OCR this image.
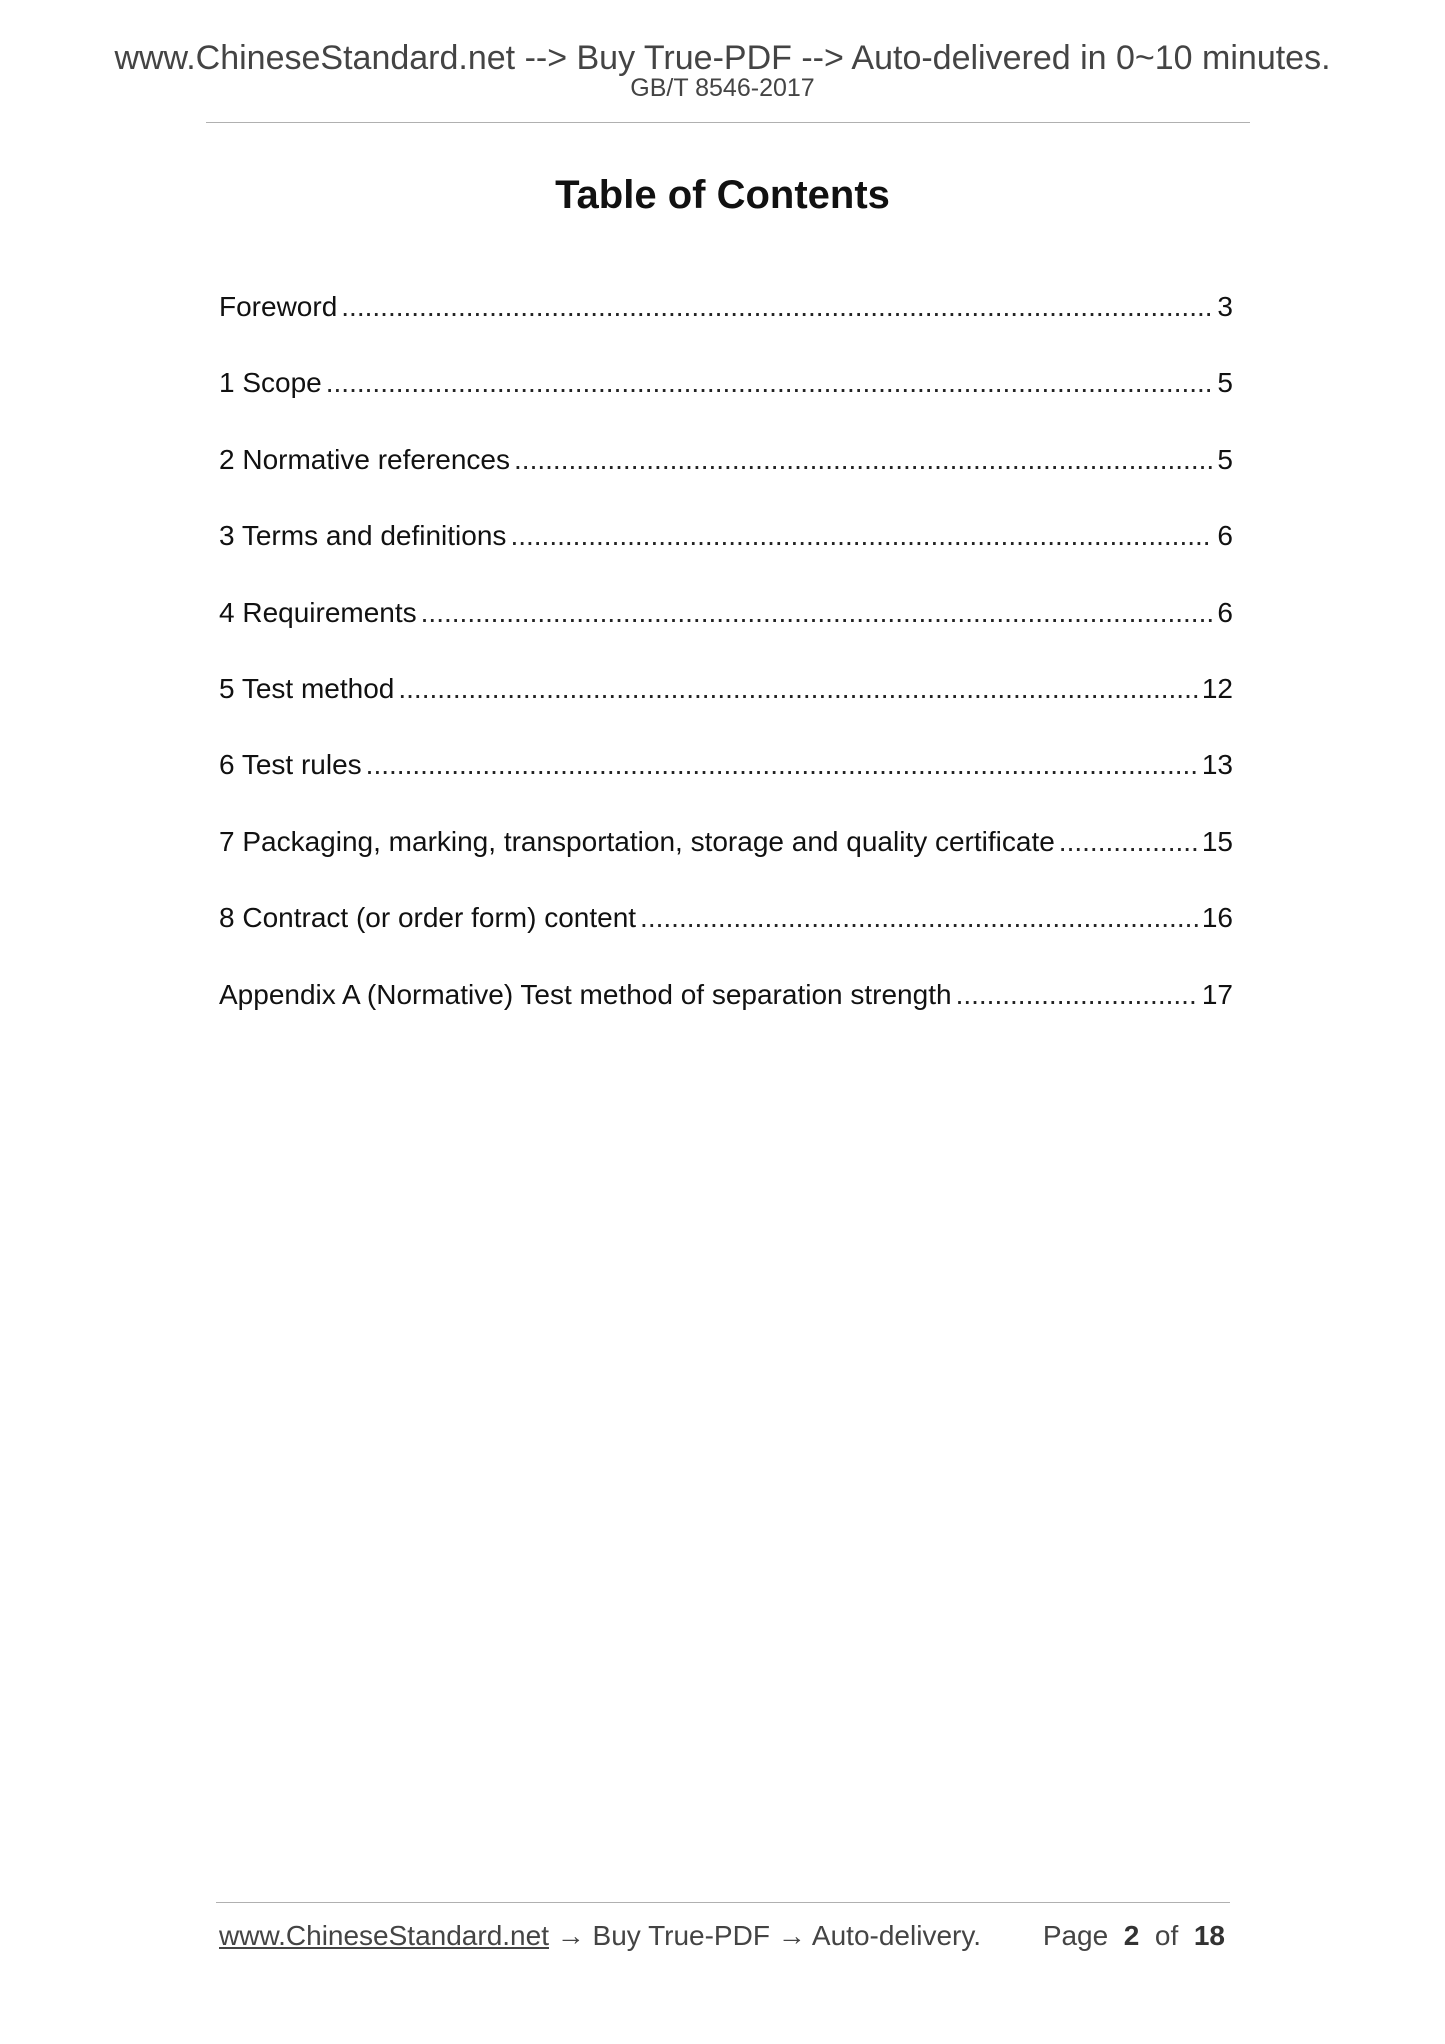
www.ChineseStandard.net --> Buy True-PDF --> Auto-delivered in 0~10 minutes.
GB/T 8546-2017
Table of Contents
Foreword .....	3
1 Scope .....	5
2 Normative references .....	5
3 Terms and definitions .....	6
4 Requirements .....	6
5 Test method .....	12
6 Test rules .....	13
7 Packaging, marking, transportation, storage and quality certificate .....	15
8 Contract (or order form) content .....	16
Appendix A (Normative) Test method of separation strength .....	17
www.ChineseStandard.net → Buy True-PDF → Auto-delivery. Page 2 of 18
